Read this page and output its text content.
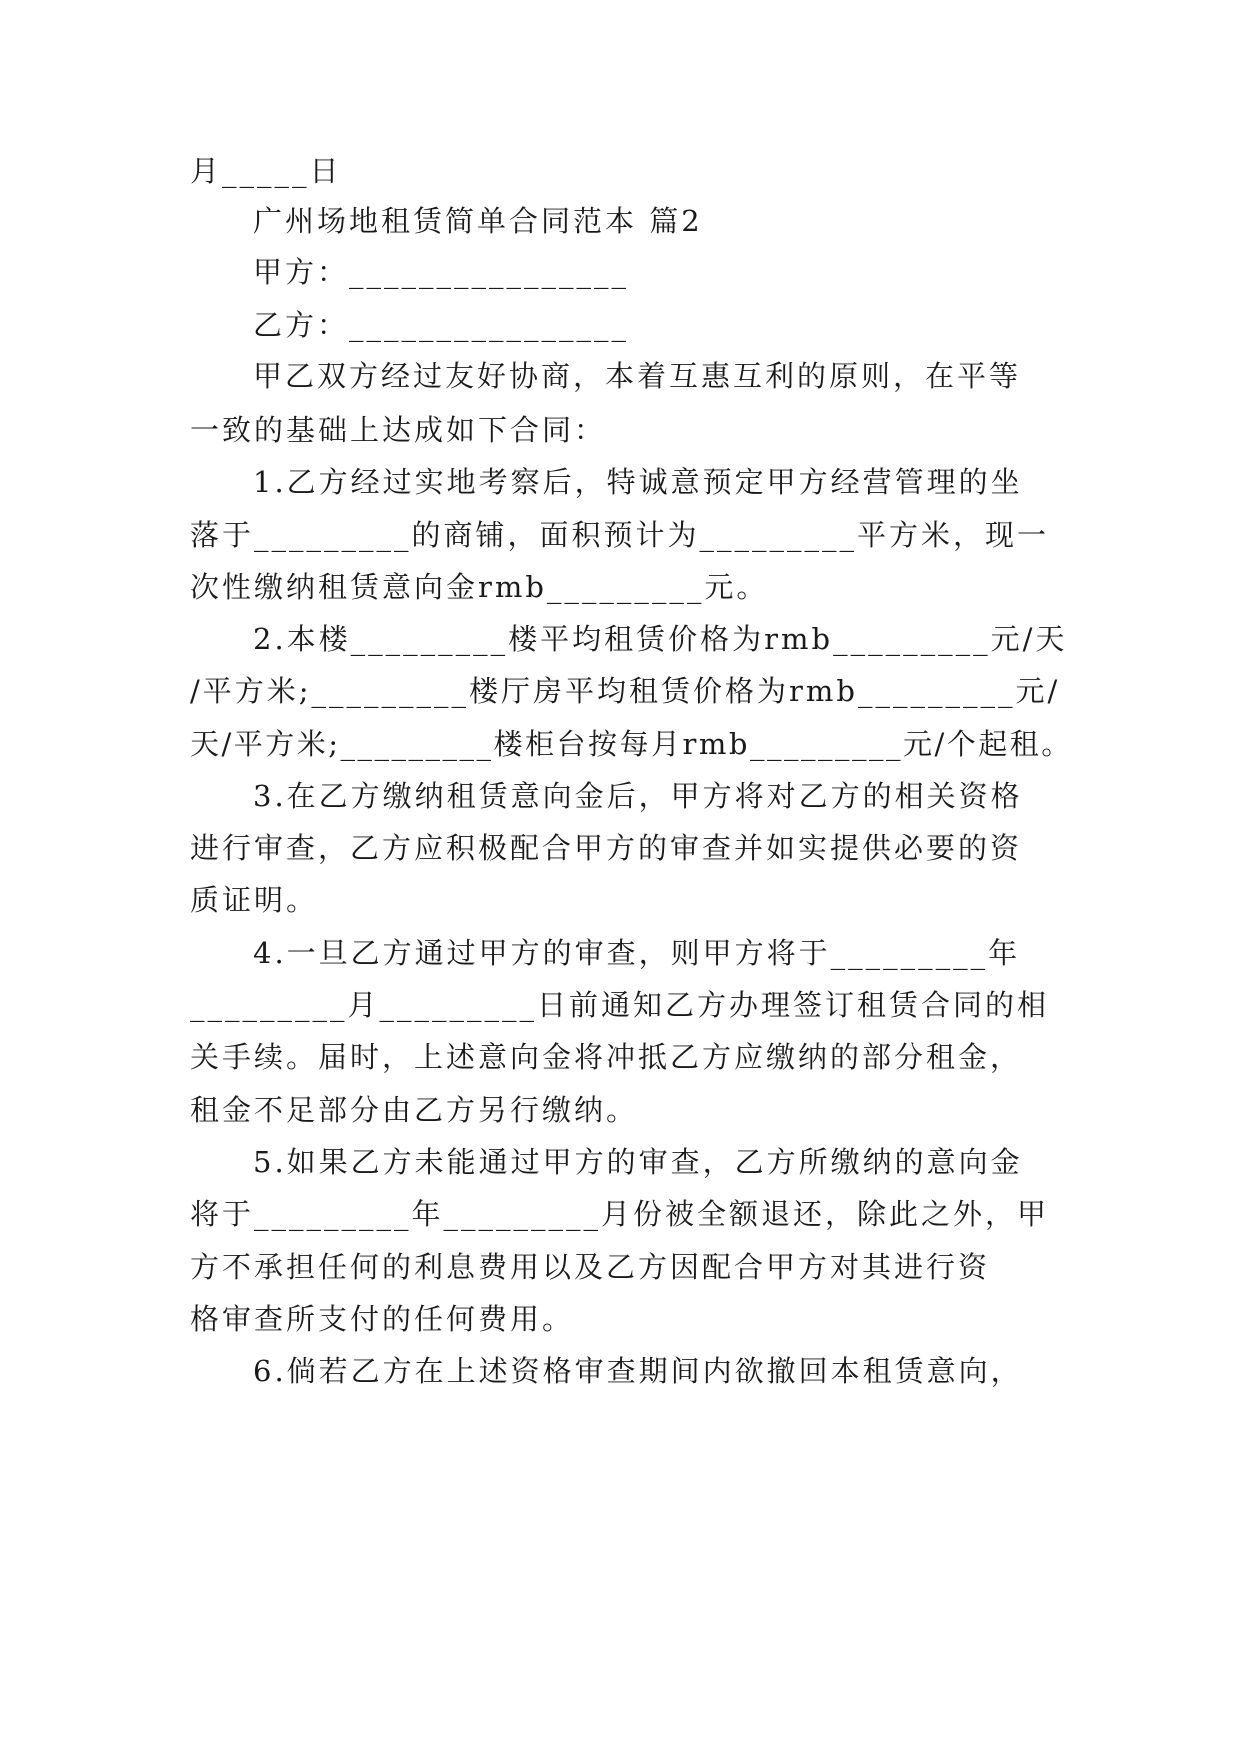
月_____日
广州场地租赁简单合同范本 篇2
甲方：________________
乙方：________________
甲乙双方经过友好协商，本着互惠互利的原则，在平等
一致的基础上达成如下合同：
1.乙方经过实地考察后，特诚意预定甲方经营管理的坐
落于_________的商铺，面积预计为_________平方米，现一
次性缴纳租赁意向金rmb_________元。
2.本楼_________楼平均租赁价格为rmb_________元/天
/平方米;_________楼厅房平均租赁价格为rmb_________元/
天/平方米;_________楼柜台按每月rmb_________元/个起租。
3.在乙方缴纳租赁意向金后，甲方将对乙方的相关资格
进行审查，乙方应积极配合甲方的审查并如实提供必要的资
质证明。
4.一旦乙方通过甲方的审查，则甲方将于_________年
_________月_________日前通知乙方办理签订租赁合同的相
关手续。届时，上述意向金将冲抵乙方应缴纳的部分租金，
租金不足部分由乙方另行缴纳。
5.如果乙方未能通过甲方的审查，乙方所缴纳的意向金
将于_________年_________月份被全额退还，除此之外，甲
方不承担任何的利息费用以及乙方因配合甲方对其进行资
格审查所支付的任何费用。
6.倘若乙方在上述资格审查期间内欲撤回本租赁意向，
